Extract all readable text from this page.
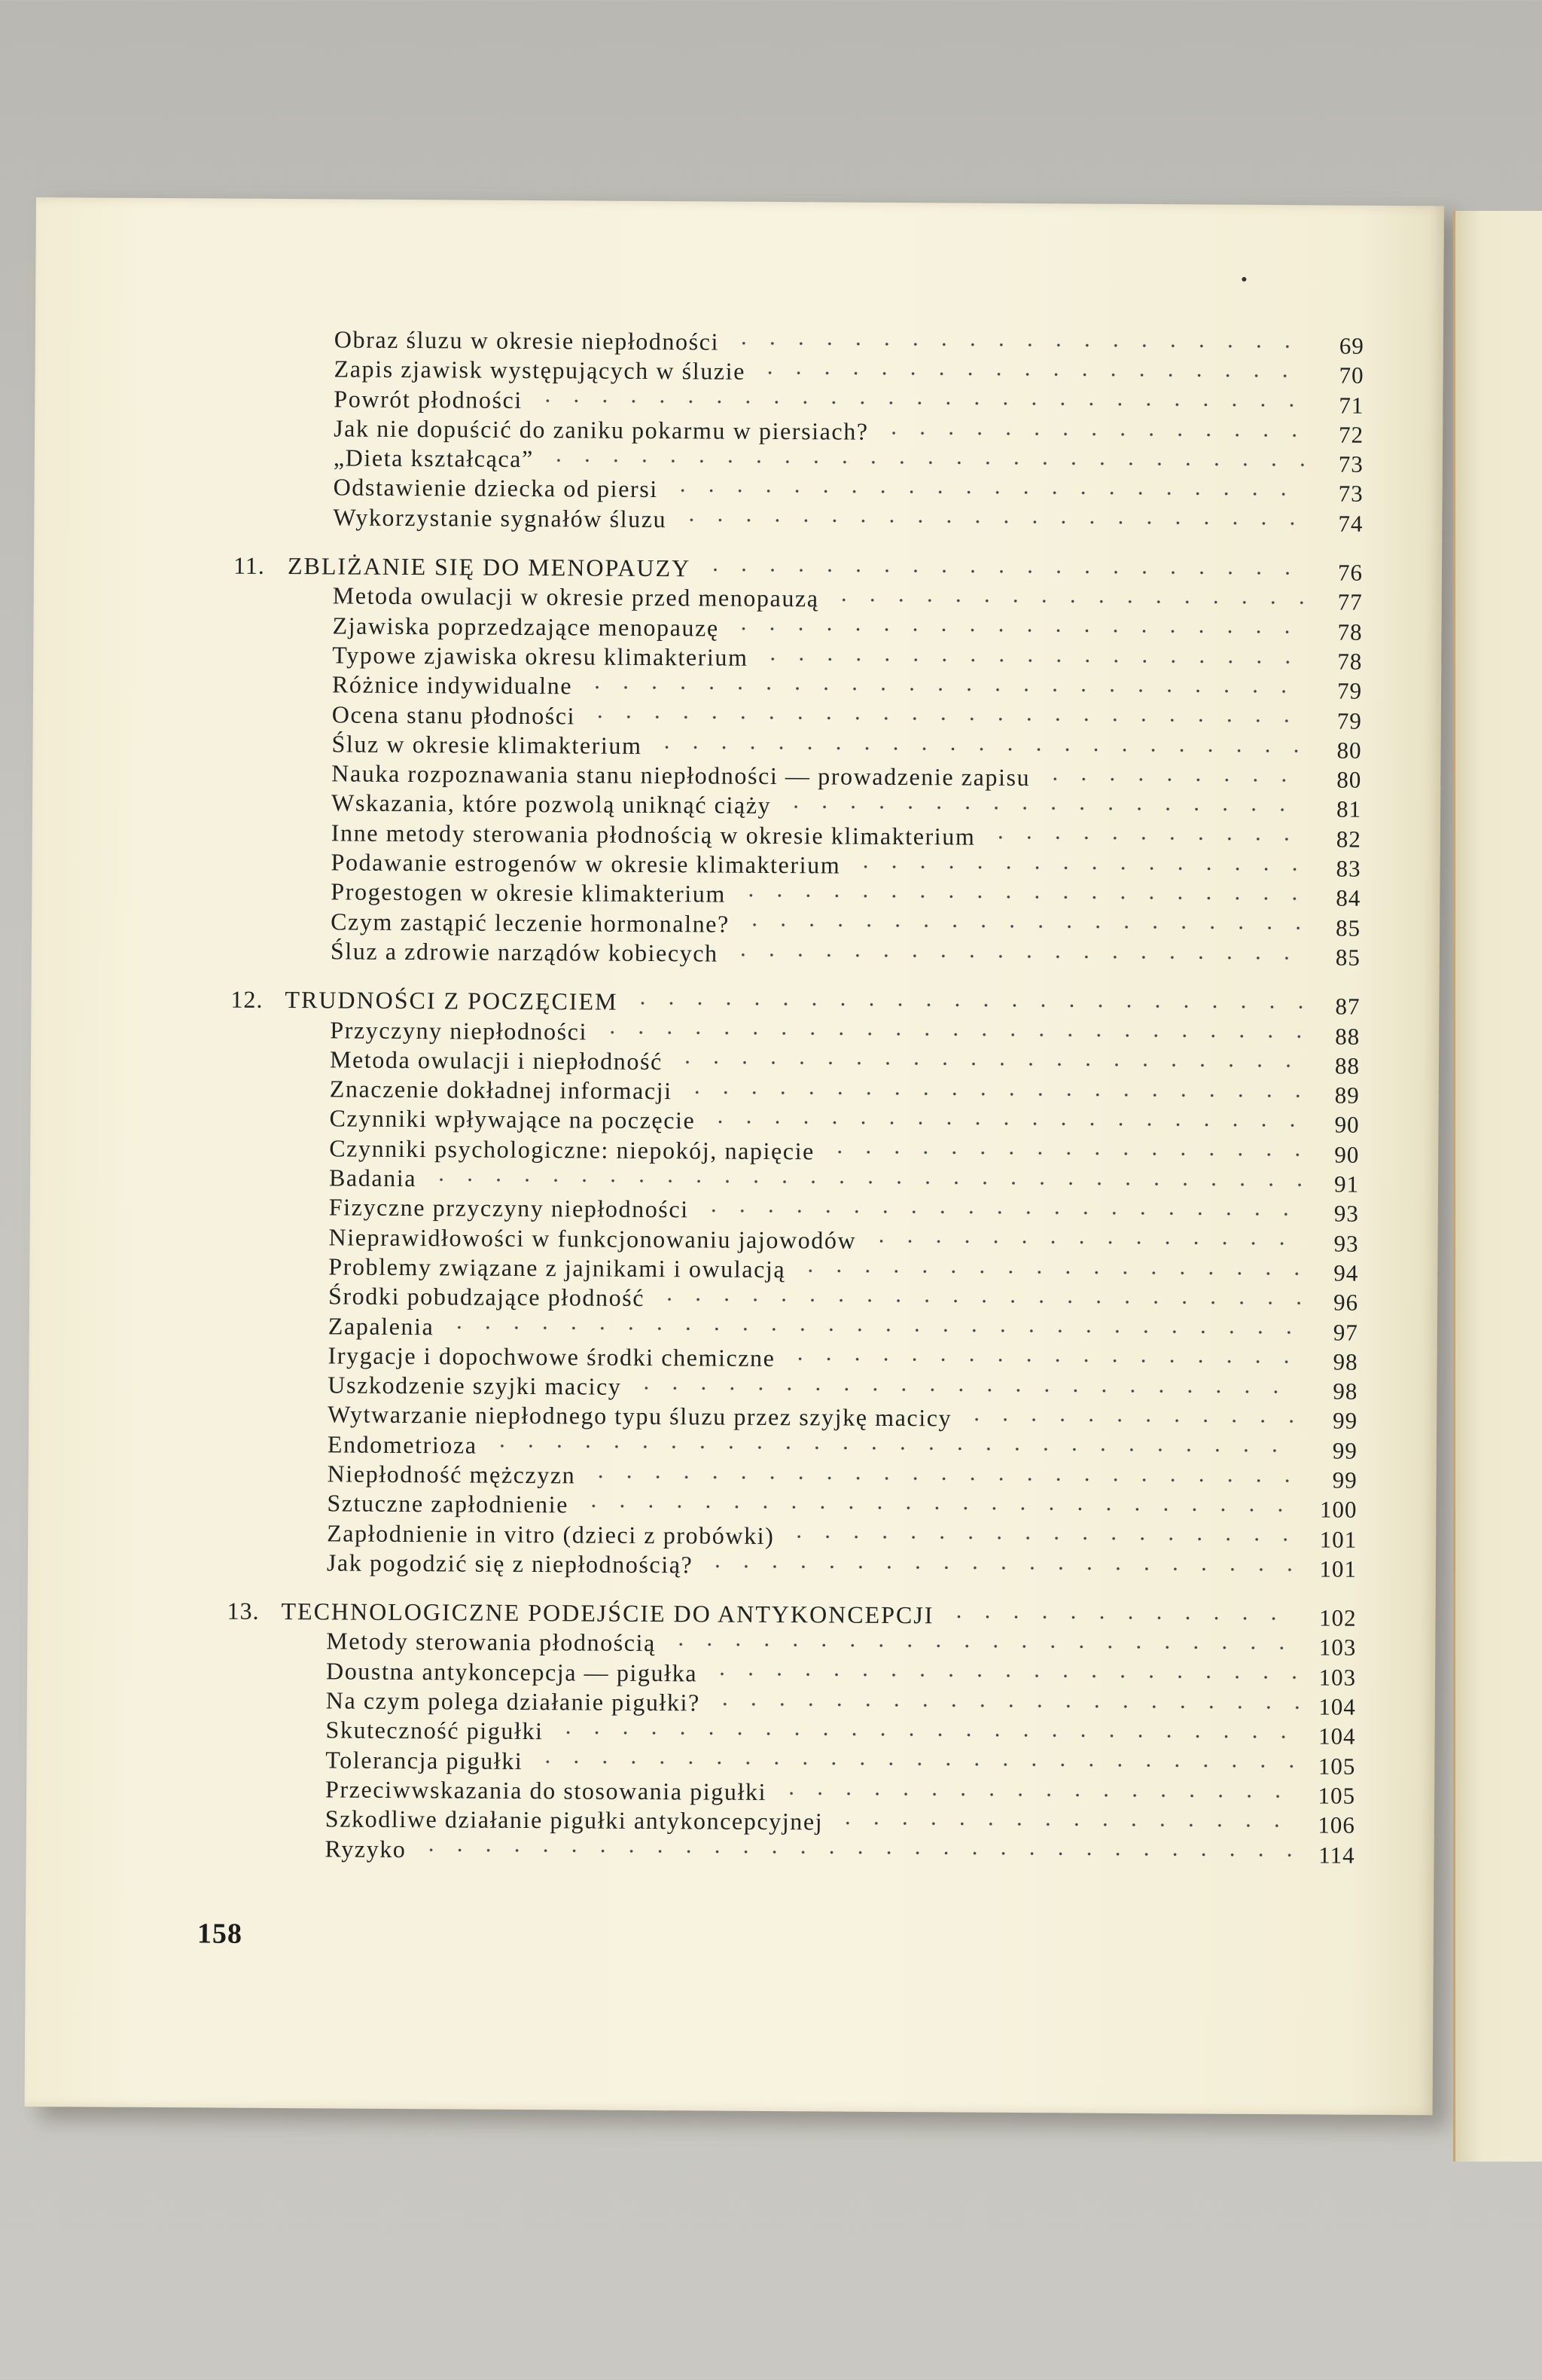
Obraz śluzu w okresie niepłodności	69
Zapis zjawisk występujących w śluzie	70
Powrót płodności	71
Jak nie dopuścić do zaniku pokarmu w piersiach?	72
„Dieta kształcąca”	73
Odstawienie dziecka od piersi	73
Wykorzystanie sygnałów śluzu	74
11. ZBLIŻANIE SIĘ DO MENOPAUZY	76
Metoda owulacji w okresie przed menopauzą	77
Zjawiska poprzedzające menopauzę	78
Typowe zjawiska okresu klimakterium	78
Różnice indywidualne	79
Ocena stanu płodności	79
Śluz w okresie klimakterium	80
Nauka rozpoznawania stanu niepłodności — prowadzenie zapisu	80
Wskazania, które pozwolą uniknąć ciąży	81
Inne metody sterowania płodnością w okresie klimakterium	82
Podawanie estrogenów w okresie klimakterium	83
Progestogen w okresie klimakterium	84
Czym zastąpić leczenie hormonalne?	85
Śluz a zdrowie narządów kobiecych	85
12. TRUDNOŚCI Z POCZĘCIEM	87
Przyczyny niepłodności	88
Metoda owulacji i niepłodność	88
Znaczenie dokładnej informacji	89
Czynniki wpływające na poczęcie	90
Czynniki psychologiczne: niepokój, napięcie	90
Badania	91
Fizyczne przyczyny niepłodności	93
Nieprawidłowości w funkcjonowaniu jajowodów	93
Problemy związane z jajnikami i owulacją	94
Środki pobudzające płodność	96
Zapalenia	97
Irygacje i dopochwowe środki chemiczne	98
Uszkodzenie szyjki macicy	98
Wytwarzanie niepłodnego typu śluzu przez szyjkę macicy	99
Endometrioza	99
Niepłodność mężczyzn	99
Sztuczne zapłodnienie	100
Zapłodnienie in vitro (dzieci z probówki)	101
Jak pogodzić się z niepłodnością?	101
13. TECHNOLOGICZNE PODEJŚCIE DO ANTYKONCEPCJI	102
Metody sterowania płodnością	103
Doustna antykoncepcja — pigułka	103
Na czym polega działanie pigułki?	104
Skuteczność pigułki	104
Tolerancja pigułki	105
Przeciwwskazania do stosowania pigułki	105
Szkodliwe działanie pigułki antykoncepcyjnej	106
Ryzyko	114
158
